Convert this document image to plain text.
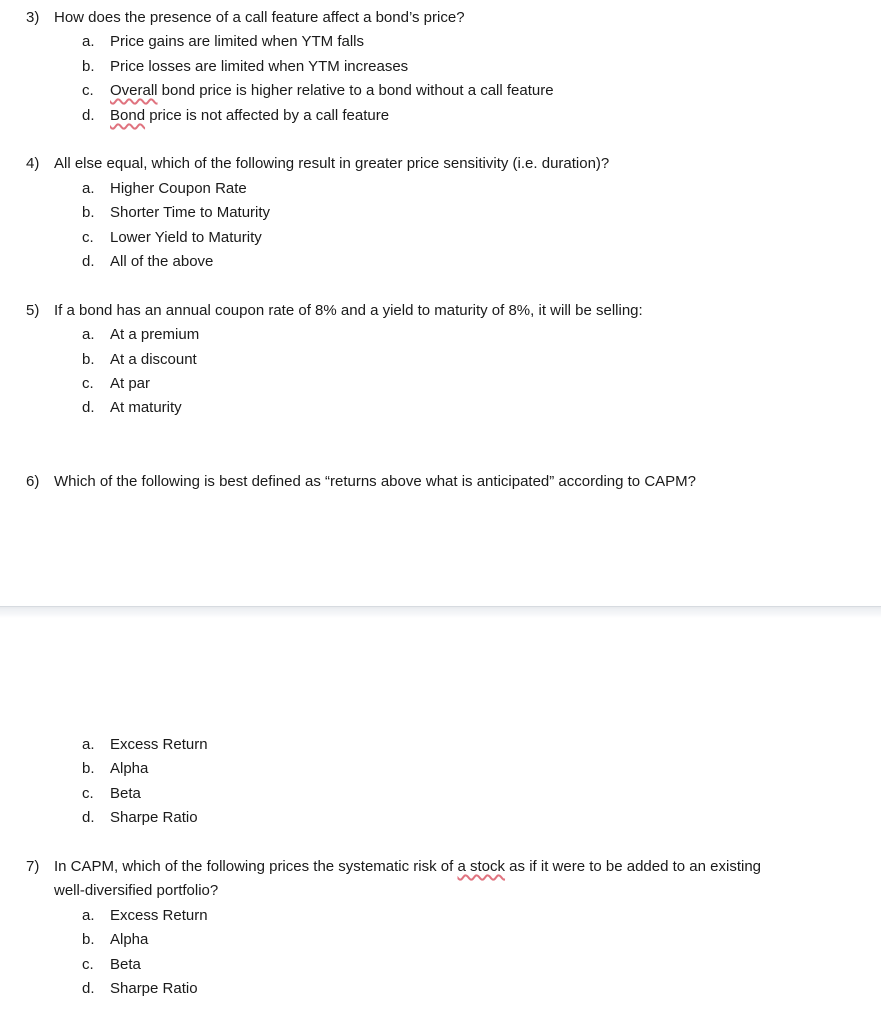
3) How does the presence of a call feature affect a bond’s price?
a. Price gains are limited when YTM falls
b. Price losses are limited when YTM increases
c. Overall bond price is higher relative to a bond without a call feature
d. Bond price is not affected by a call feature
4) All else equal, which of the following result in greater price sensitivity (i.e. duration)?
a. Higher Coupon Rate
b. Shorter Time to Maturity
c. Lower Yield to Maturity
d. All of the above
5) If a bond has an annual coupon rate of 8% and a yield to maturity of 8%, it will be selling:
a. At a premium
b. At a discount
c. At par
d. At maturity
6) Which of the following is best defined as “returns above what is anticipated” according to CAPM?
a. Excess Return
b. Alpha
c. Beta
d. Sharpe Ratio
7) In CAPM, which of the following prices the systematic risk of a stock as if it were to be added to an existing
well-diversified portfolio?
a. Excess Return
b. Alpha
c. Beta
d. Sharpe Ratio
